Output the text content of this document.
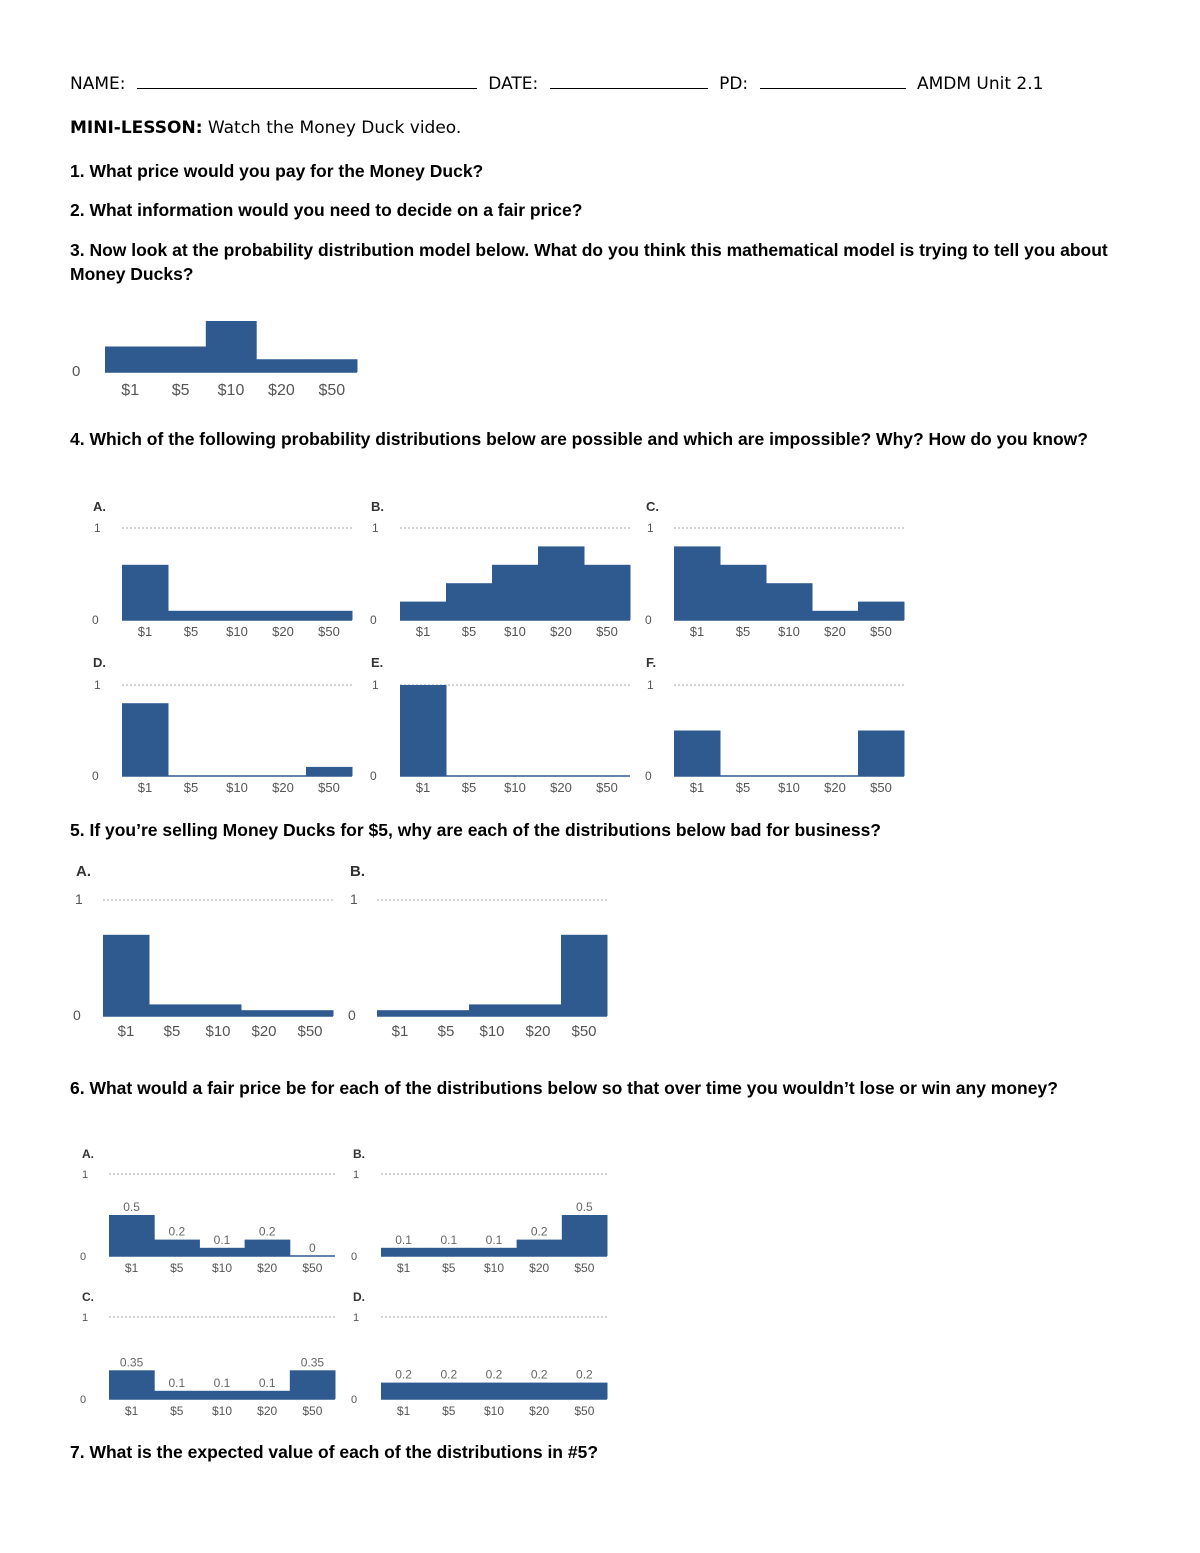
NAME:	DATE:	PD:	AMDM Unit 2.1
MINI-LESSON: Watch the Money Duck video.
1. What price would you pay for the Money Duck?
2. What information would you need to decide on a fair price?
3. Now look at the probability distribution model below. What do you think this mathematical model is trying to tell you about Money Ducks?
4. Which of the following probability distributions below are possible and which are impossible? Why? How do you know?
5. If you’re selling Money Ducks for $5, why are each of the distributions below bad for business?
6. What would a fair price be for each of the distributions below so that over time you wouldn’t lose or win any money?
7. What is the expected value of each of the distributions in #5?
0
$1 $5 $10 $20 $50
A.
1
0
$1 $5 $10 $20 $50
B.
1
0
$1 $5 $10 $20 $50
C.
1
0
$1 $5 $10 $20 $50
D.
1
0
$1 $5 $10 $20 $50
E.
1
0
$1 $5 $10 $20 $50
F.
1
0
$1 $5 $10 $20 $50
A.
1
0
$1 $5 $10 $20 $50
B.
1
0
$1 $5 $10 $20 $50
A.
1
0
0.5
0.2
0.1
0.2
0
$1	$5 $10 $20 $50
B.
1
0
0.1 0.1 0.1
0.2
0.5
$1	$5 $10 $20 $50
C.
1
0
0.35
0.1 0.1 0.1
0.35
$1	$5 $10 $20 $50
D.
1
0
0.2 0.2 0.2 0.2 0.2
$1	$5 $10 $20 $50
